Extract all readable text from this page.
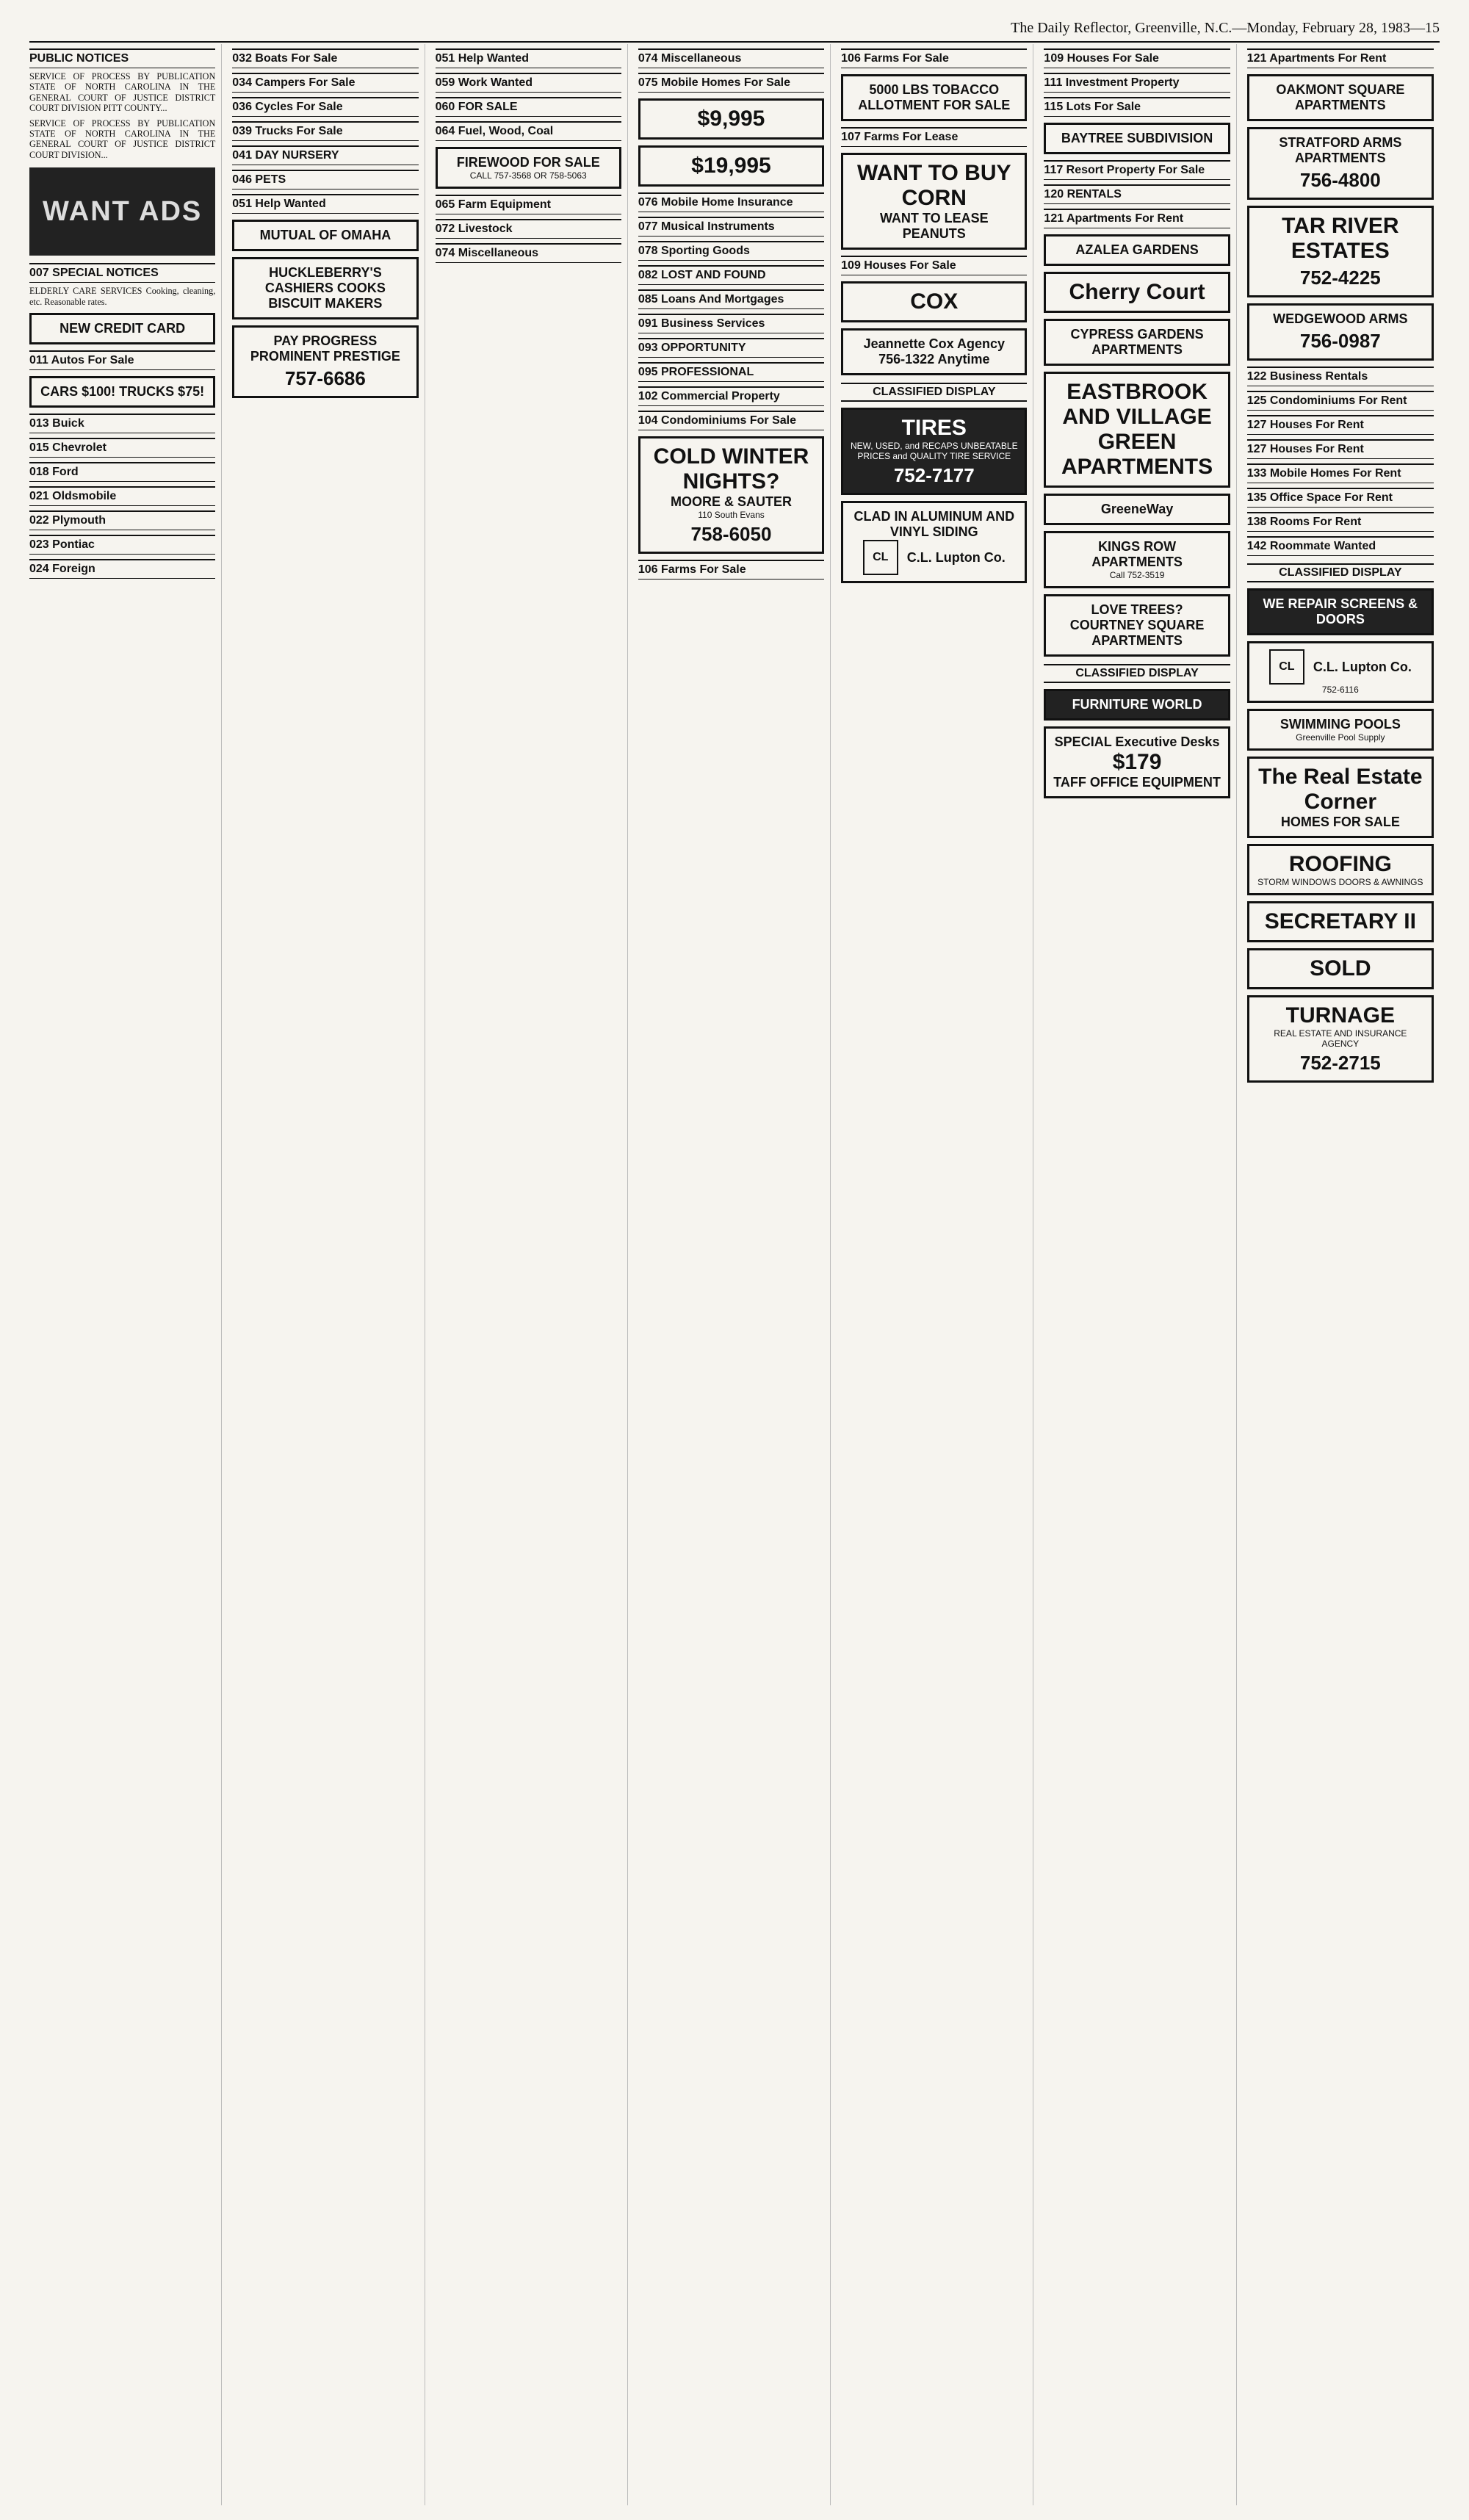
The Daily Reflector, Greenville, N.C.—Monday, February 28, 1983—15
PUBLIC NOTICES

SERVICE OF PROCESS BY PUBLICATION STATE OF NORTH CAROLINA IN THE GENERAL COURT OF JUSTICE DISTRICT COURT DIVISION PITT COUNTY...

SERVICE OF PROCESS BY PUBLICATION STATE OF NORTH CAROLINA IN THE GENERAL COURT OF JUSTICE DISTRICT COURT DIVISION...

WANT ADS
007 SPECIAL NOTICES

ELDERLY CARE SERVICES Cooking, cleaning, etc. Reasonable rates.

NEW CREDIT CARD
011 Autos For Sale
CARS $100! TRUCKS $75!
013 Buick
015 Chevrolet
018 Ford
021 Oldsmobile
022 Plymouth
023 Pontiac
024 Foreign
032 Boats For Sale
034 Campers For Sale
036 Cycles For Sale
039 Trucks For Sale
041 DAY NURSERY
046 PETS
051 Help Wanted
MUTUAL OF OMAHA
HUCKLEBERRY'S
CASHIERS COOKS BISCUIT MAKERS
PAY PROGRESS PROMINENT PRESTIGE
757-6686
051 Help Wanted
059 Work Wanted
060 FOR SALE
064 Fuel, Wood, Coal
FIREWOOD FOR SALE
CALL 757-3568 OR 758-5063
065 Farm Equipment
072 Livestock
074 Miscellaneous
074 Miscellaneous
075 Mobile Homes For Sale
$9,995
$19,995
076 Mobile Home Insurance
077 Musical Instruments
078 Sporting Goods
082 LOST AND FOUND
085 Loans And Mortgages
091 Business Services
093 OPPORTUNITY
095 PROFESSIONAL
102 Commercial Property
104 Condominiums For Sale
COLD WINTER NIGHTS?
MOORE & SAUTER
110 South Evans
758-6050
106 Farms For Sale
106 Farms For Sale
5000 LBS TOBACCO ALLOTMENT FOR SALE
107 Farms For Lease
WANT TO BUY CORN
WANT TO LEASE PEANUTS
109 Houses For Sale
COX
Jeannette Cox Agency
756-1322 Anytime
CLASSIFIED DISPLAY
TIRES
NEW, USED, and RECAPS UNBEATABLE PRICES and QUALITY TIRE SERVICE
752-7177
CLAD IN ALUMINUM AND VINYL SIDING
CL	C.L. Lupton Co.
109 Houses For Sale
111 Investment Property
115 Lots For Sale
BAYTREE SUBDIVISION
117 Resort Property For Sale
120 RENTALS
121 Apartments For Rent
AZALEA GARDENS
Cherry Court
CYPRESS GARDENS APARTMENTS
EASTBROOK AND VILLAGE GREEN APARTMENTS
GreeneWay
KINGS ROW APARTMENTS
Call 752-3519
LOVE TREES?
COURTNEY SQUARE APARTMENTS
CLASSIFIED DISPLAY
FURNITURE WORLD
SPECIAL Executive Desks
$179
TAFF OFFICE EQUIPMENT
121 Apartments For Rent
OAKMONT SQUARE APARTMENTS
STRATFORD ARMS APARTMENTS
756-4800
TAR RIVER ESTATES
752-4225
WEDGEWOOD ARMS
756-0987
122 Business Rentals
125 Condominiums For Rent
127 Houses For Rent
127 Houses For Rent
133 Mobile Homes For Rent
135 Office Space For Rent
138 Rooms For Rent
142 Roommate Wanted
CLASSIFIED DISPLAY
WE REPAIR SCREENS & DOORS
CL	C.L. Lupton Co.
752-6116
SWIMMING POOLS
Greenville Pool Supply
The Real Estate Corner
HOMES FOR SALE
ROOFING
STORM WINDOWS DOORS & AWNINGS
SECRETARY II
SOLD
TURNAGE
REAL ESTATE AND INSURANCE AGENCY
752-2715
